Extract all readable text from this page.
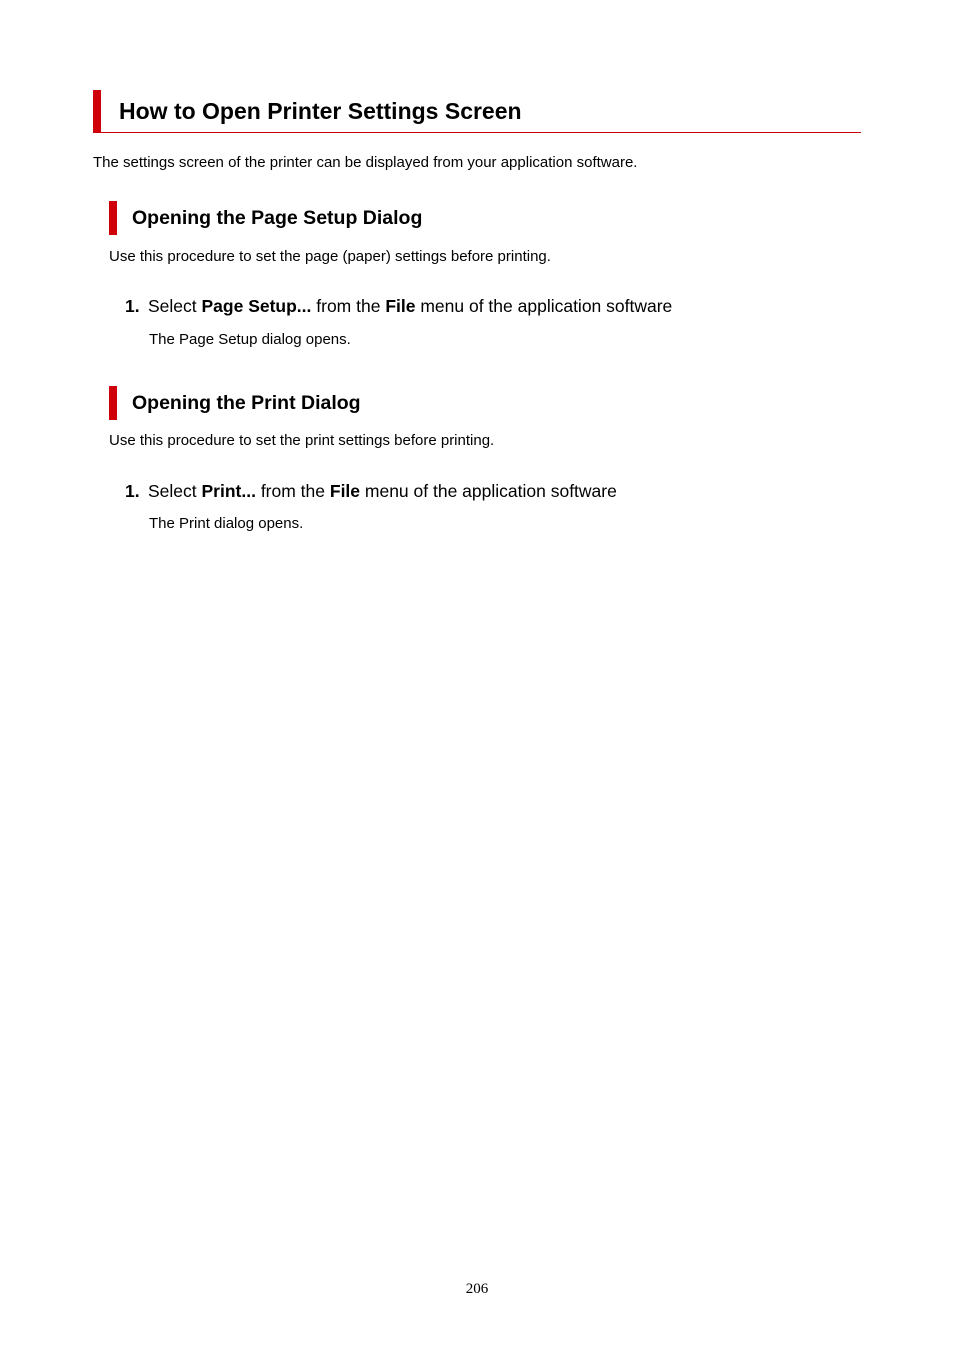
How to Open Printer Settings Screen
The settings screen of the printer can be displayed from your application software.
Opening the Page Setup Dialog
Use this procedure to set the page (paper) settings before printing.
1. Select Page Setup... from the File menu of the application software
The Page Setup dialog opens.
Opening the Print Dialog
Use this procedure to set the print settings before printing.
1. Select Print... from the File menu of the application software
The Print dialog opens.
206
